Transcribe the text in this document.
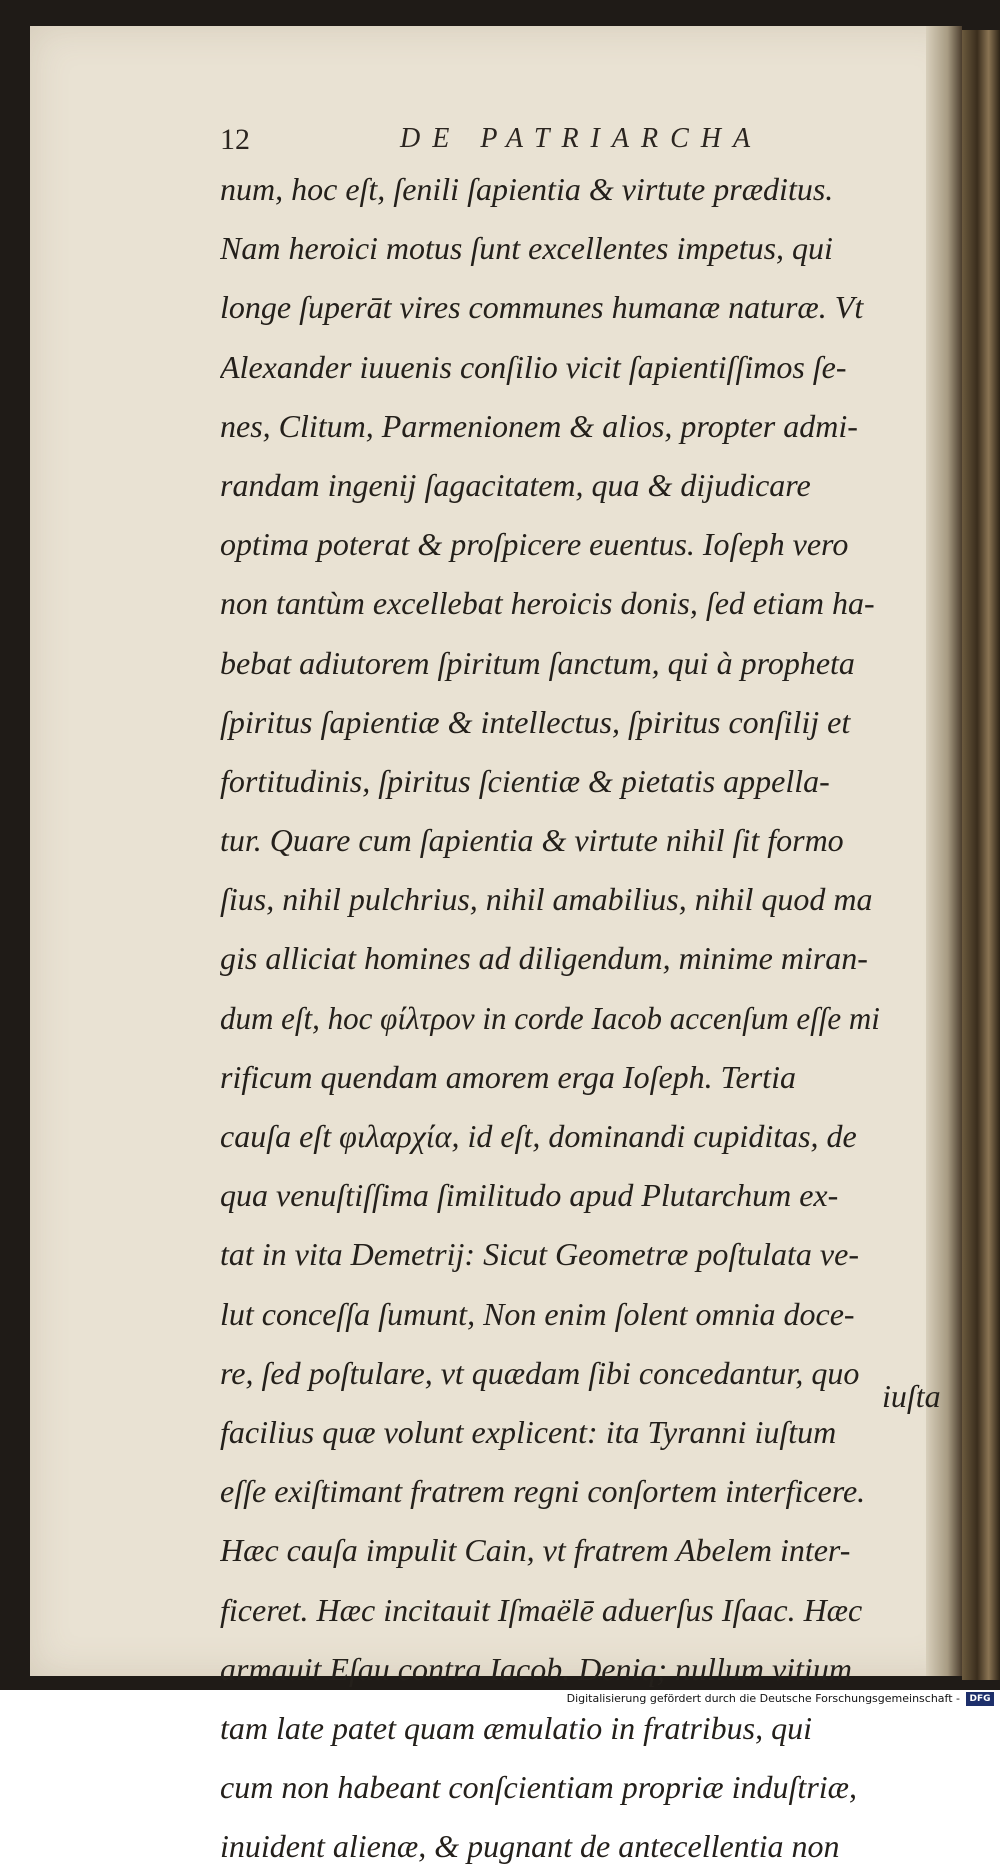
12	DE PATRIARCHA
num, hoc eſt, ſenili ſapientia & virtute præditus.
Nam heroici motus ſunt excellentes impetus, qui
longe ſuperāt vires communes humanæ naturæ. Vt
Alexander iuuenis conſilio vicit ſapientiſſimos ſe-
nes, Clitum, Parmenionem & alios, propter admi-
randam ingenij ſagacitatem, qua & dijudicare
optima poterat & proſpicere euentus. Ioſeph vero
non tantùm excellebat heroicis donis, ſed etiam ha-
bebat adiutorem ſpiritum ſanctum, qui à propheta
ſpiritus ſapientiæ & intellectus, ſpiritus conſilij et
fortitudinis, ſpiritus ſcientiæ & pietatis appella-
tur. Quare cum ſapientia & virtute nihil ſit formo
ſius, nihil pulchrius, nihil amabilius, nihil quod ma
gis alliciat homines ad diligendum, minime miran-
dum eſt, hoc φίλτρον in corde Iacob accenſum eſſe mi
rificum quendam amorem erga Ioſeph. Tertia
cauſa eſt φιλαρχία, id eſt, dominandi cupiditas, de
qua venuſtiſſima ſimilitudo apud Plutarchum ex-
tat in vita Demetrij: Sicut Geometræ poſtulata ve-
lut conceſſa ſumunt, Non enim ſolent omnia doce-
re, ſed poſtulare, vt quædam ſibi concedantur, quo
facilius quæ volunt explicent: ita Tyranni iuſtum
eſſe exiſtimant fratrem regni conſortem interficere.
Hæc cauſa impulit Cain, vt fratrem Abelem inter-
ficeret. Hæc incitauit Iſmaëlē aduerſus Iſaac. Hæc
armauit Eſau contra Iacob. Deniq; nullum vitium
tam late patet quam æmulatio in fratribus, qui
cum non habeant conſcientiam propriæ induſtriæ,
inuident alienæ, & pugnant de antecellentia non
iuſta
Digitalisierung gefördert durch die Deutsche Forschungsgemeinschaft -	DFG
